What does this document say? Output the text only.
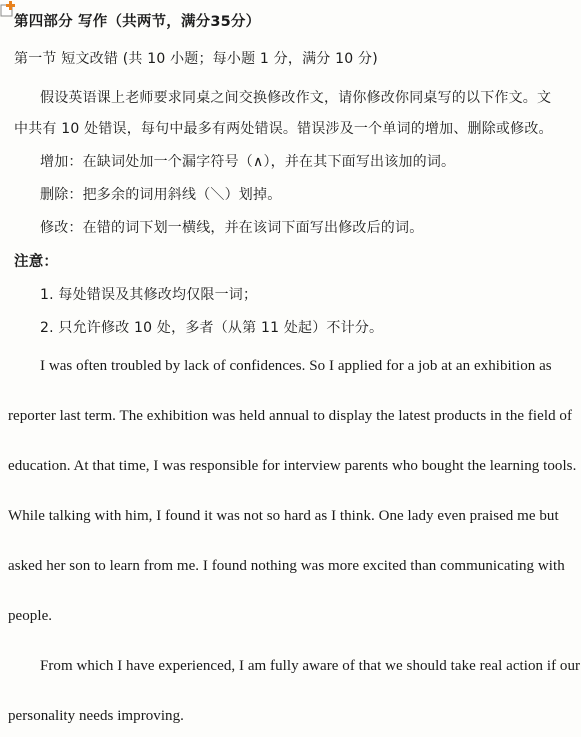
第四部分 写作（共两节，满分35分）
第一节 短文改错 (共 10 小题；每小题 1 分，满分 10 分)
假设英语课上老师要求同桌之间交换修改作文，请你修改你同桌写的以下作文。文
中共有 10 处错误，每句中最多有两处错误。错误涉及一个单词的增加、删除或修改。
增加：在缺词处加一个漏字符号（∧），并在其下面写出该加的词。
删除：把多余的词用斜线（＼）划掉。
修改：在错的词下划一横线，并在该词下面写出修改后的词。
注意：
1. 每处错误及其修改均仅限一词；
2. 只允许修改 10 处，多者（从第 11 处起）不计分。
I was often troubled by lack of confidences. So I applied for a job at an exhibition as
reporter last term. The exhibition was held annual to display the latest products in the field of
education. At that time, I was responsible for interview parents who bought the learning tools.
While talking with him, I found it was not so hard as I think. One lady even praised me but
asked her son to learn from me. I found nothing was more excited than communicating with
people.
From which I have experienced, I am fully aware of that we should take real action if our
personality needs improving.
